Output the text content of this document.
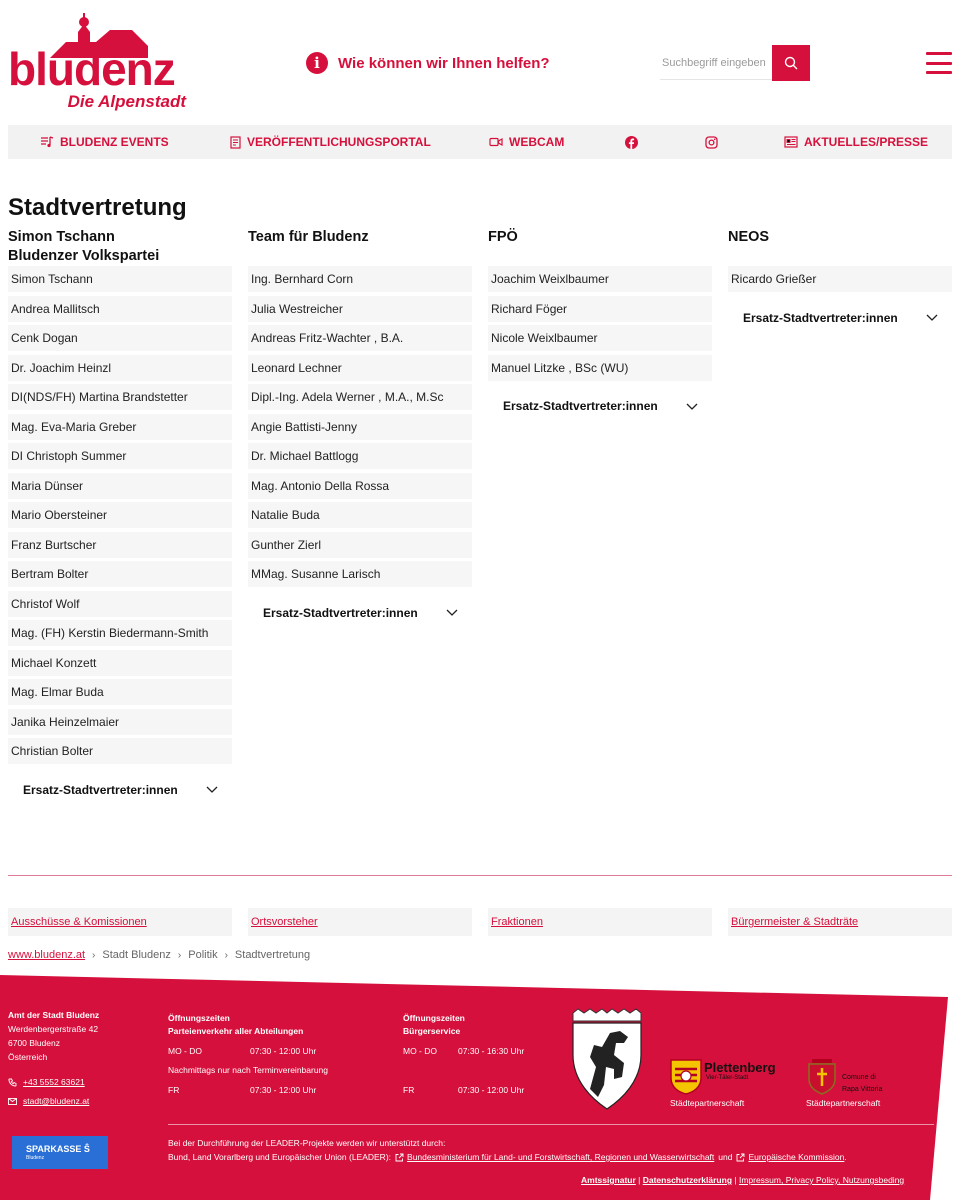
bludenz
Die Alpenstadt
i	Wie können wir Ihnen helfen?
Suchbegriff eingeben
BLUDENZ EVENTS	VERÖFFENTLICHUNGSPORTAL	WEBCAM	AKTUELLES/PRESSE
Stadtvertretung
Simon Tschann
Bludenzer Volkspartei
Simon Tschann
Andrea Mallitsch
Cenk Dogan
Dr. Joachim Heinzl
DI(NDS/FH) Martina Brandstetter
Mag. Eva-Maria Greber
DI Christoph Summer
Maria Dünser
Mario Obersteiner
Franz Burtscher
Bertram Bolter
Christof Wolf
Mag. (FH) Kerstin Biedermann-Smith
Michael Konzett
Mag. Elmar Buda
Janika Heinzelmaier
Christian Bolter
Ersatz-Stadtvertreter:innen
Team für Bludenz
Ing. Bernhard Corn
Julia Westreicher
Andreas Fritz-Wachter , B.A.
Leonard Lechner
Dipl.-Ing. Adela Werner , M.A., M.Sc
Angie Battisti-Jenny
Dr. Michael Battlogg
Mag. Antonio Della Rossa
Natalie Buda
Gunther Zierl
MMag. Susanne Larisch
Ersatz-Stadtvertreter:innen
FPÖ
Joachim Weixlbaumer
Richard Föger
Nicole Weixlbaumer
Manuel Litzke , BSc (WU)
Ersatz-Stadtvertreter:innen
NEOS
Ricardo Grießer
Ersatz-Stadtvertreter:innen
Ausschüsse & Komissionen	Ortsvorsteher	Fraktionen	Bürgermeister & Stadträte
www.bludenz.at › Stadt Bludenz › Politik › Stadtvertretung
Amt der Stadt Bludenz
Werdenbergerstraße 42
6700 Bludenz
Österreich
+43 5552 63621
stadt@bludenz.at
Öffnungszeiten
Parteienverkehr aller Abteilungen
MO - DO	07:30 - 12:00 Uhr
Nachmittags nur nach Terminvereinbarung
FR	07:30 - 12:00 Uhr
Öffnungszeiten
Bürgerservice
MO - DO 07:30 - 16:30 Uhr
FR	07:30 - 12:00 Uhr
Plettenberg
Vier-Täler-Stadt
Städtepartnerschaft
Comune di
Rapa Vittoria
Städtepartnerschaft
SPARKASSE Ŝ
Bludenz
Bei der Durchführung der LEADER-Projekte werden wir unterstützt durch:
Bund, Land Vorarlberg und Europäischer Union (LEADER): Bundesministerium für Land- und Forstwirtschaft, Regionen und Wasserwirtschaft und Europäische Kommission .
Amtssignatur | Datenschutzerklärung | Impressum, Privacy Policy, Nutzungsbeding
